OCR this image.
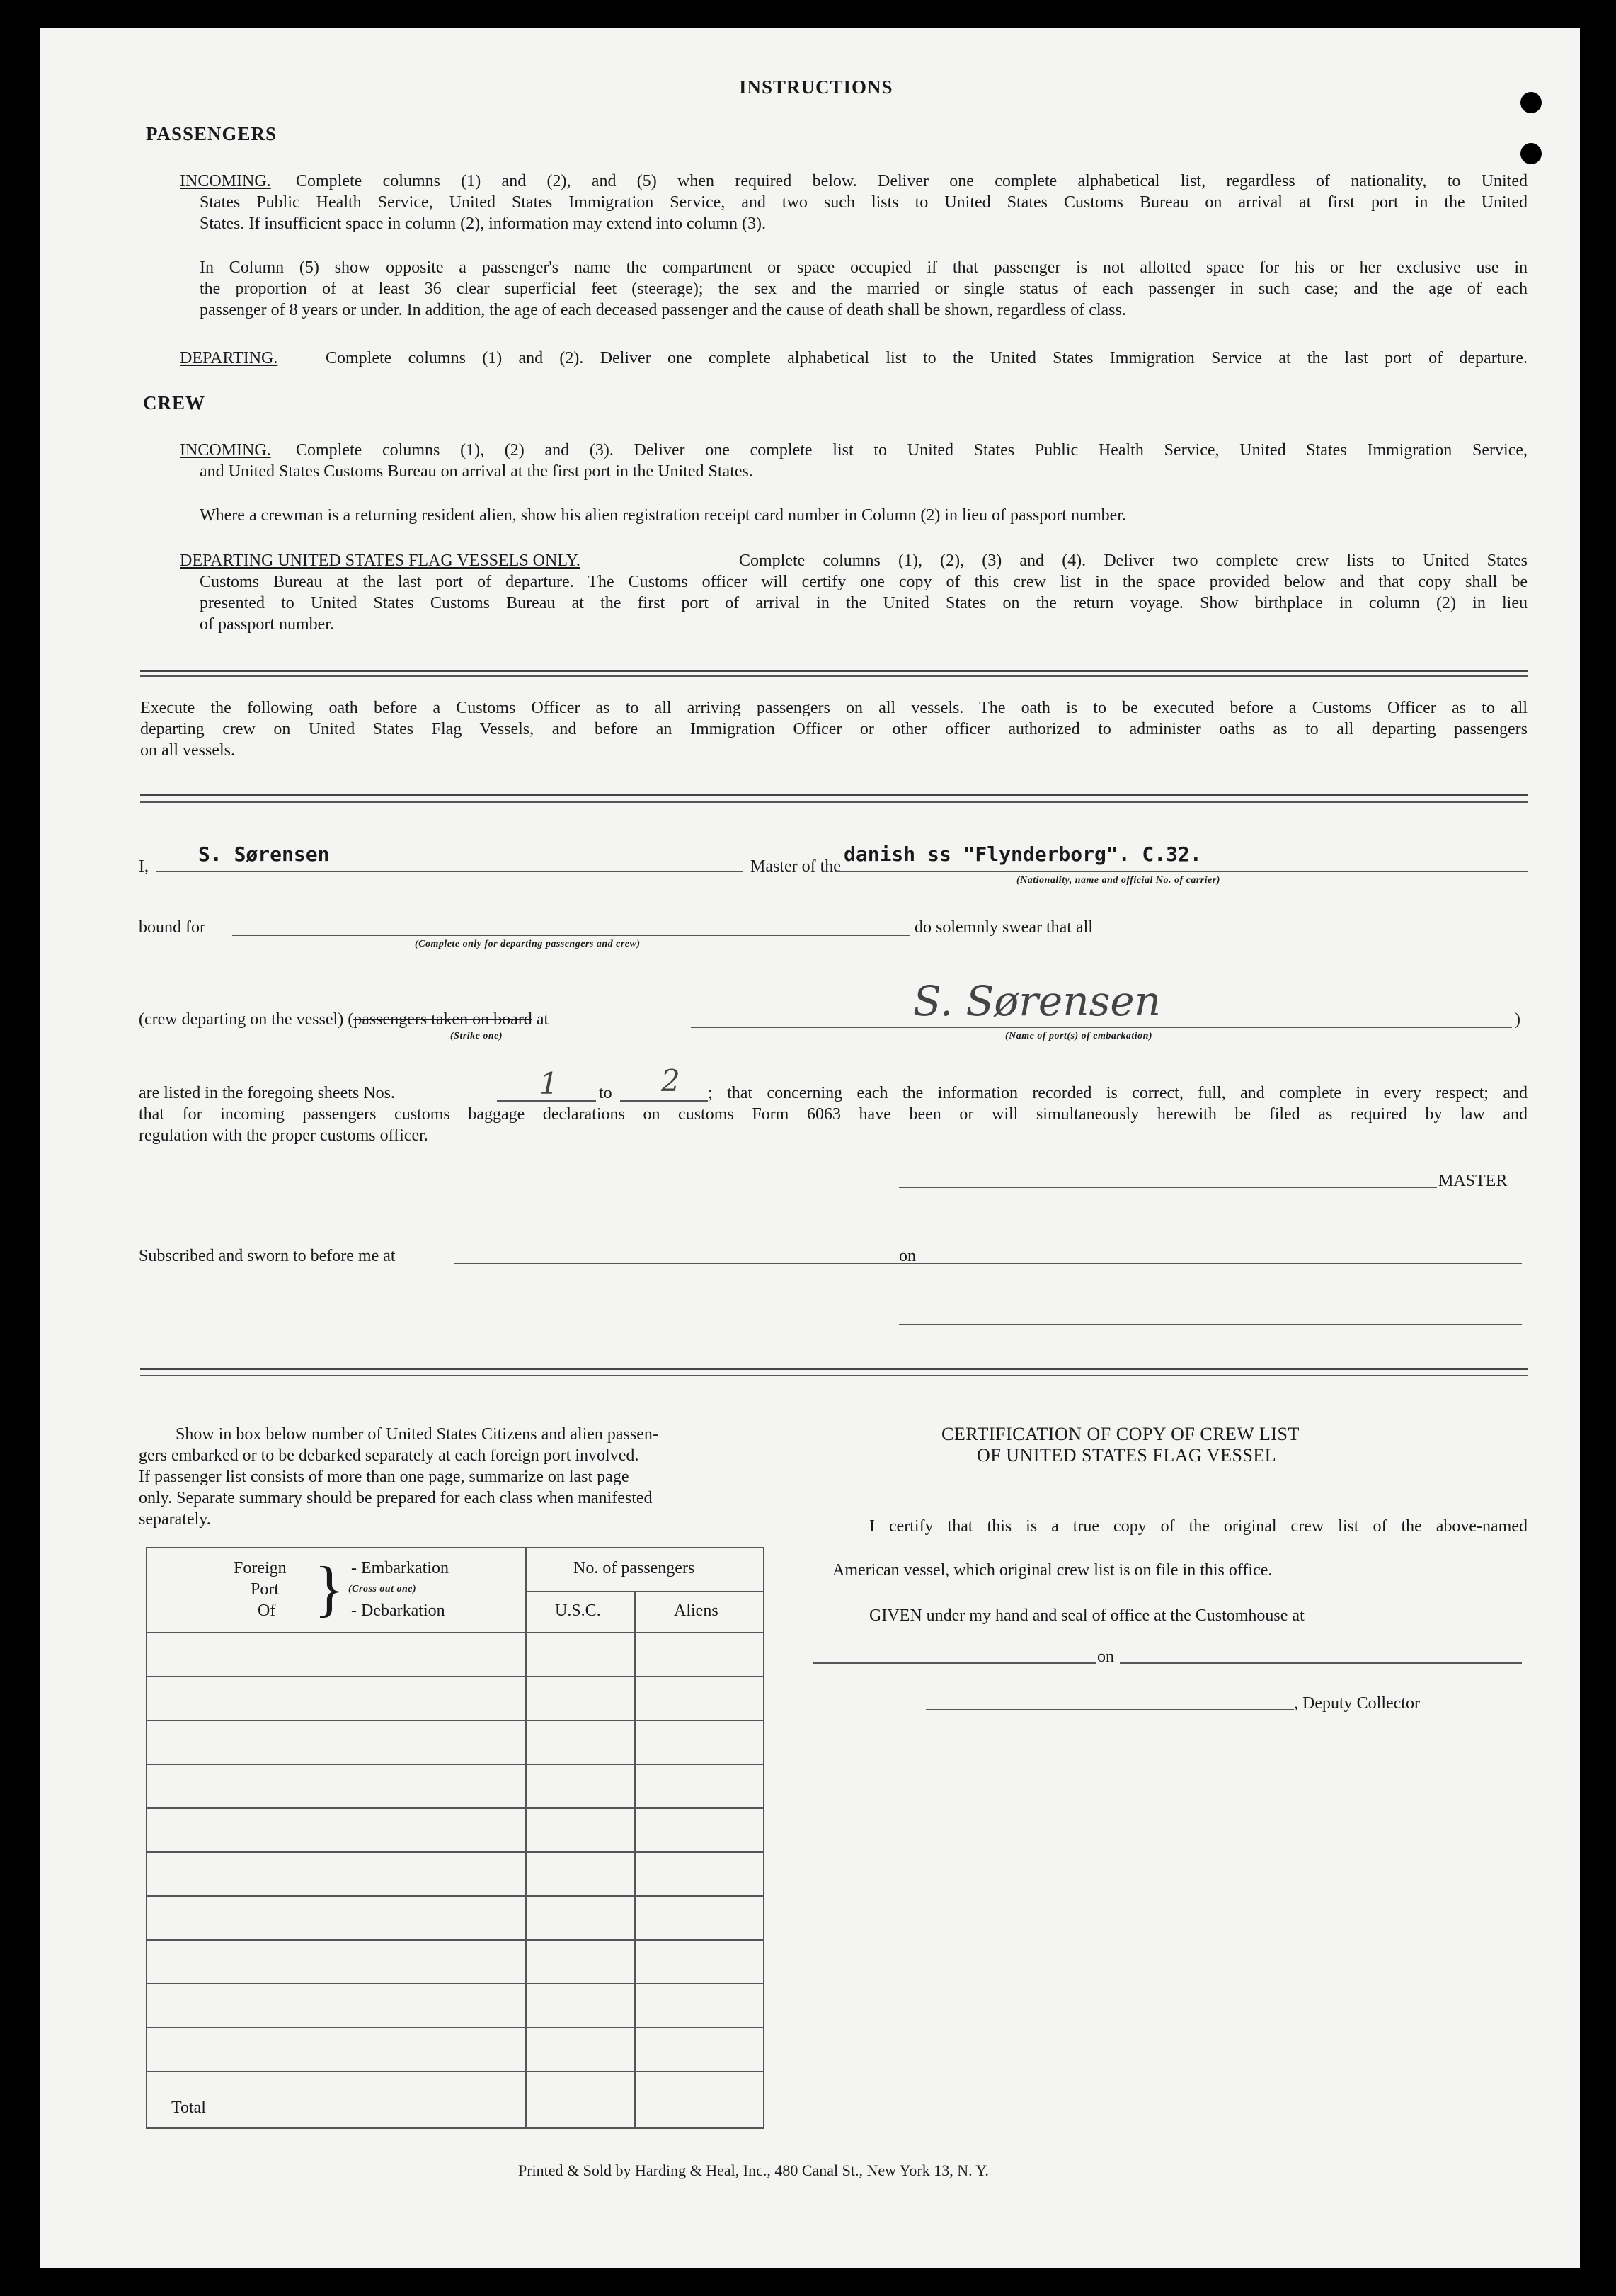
INSTRUCTIONS
PASSENGERS
INCOMING. Complete columns (1) and (2), and (5) when required below. Deliver one complete alphabetical list, regardless of nationality, to United
States Public Health Service, United States Immigration Service, and two such lists to United States Customs Bureau on arrival at first port in the United
States. If insufficient space in column (2), information may extend into column (3).
In Column (5) show opposite a passenger's name the compartment or space occupied if that passenger is not allotted space for his or her exclusive use in
the proportion of at least 36 clear superficial feet (steerage); the sex and the married or single status of each passenger in such case; and the age of each
passenger of 8 years or under. In addition, the age of each deceased passenger and the cause of death shall be shown, regardless of class.
DEPARTING.	Complete columns (1) and (2). Deliver one complete alphabetical list to the United States Immigration Service at the last port of departure.
CREW
INCOMING. Complete columns (1), (2) and (3). Deliver one complete list to United States Public Health Service, United States Immigration Service,
and United States Customs Bureau on arrival at the first port in the United States.
Where a crewman is a returning resident alien, show his alien registration receipt card number in Column (2) in lieu of passport number.
DEPARTING UNITED STATES FLAG VESSELS ONLY.	Complete columns (1), (2), (3) and (4). Deliver two complete crew lists to United States
Customs Bureau at the last port of departure. The Customs officer will certify one copy of this crew list in the space provided below and that copy shall be
presented to United States Customs Bureau at the first port of arrival in the United States on the return voyage. Show birthplace in column (2) in lieu
of passport number.
Execute the following oath before a Customs Officer as to all arriving passengers on all vessels. The oath is to be executed before a Customs Officer as to all
departing crew on United States Flag Vessels, and before an Immigration Officer or other officer authorized to administer oaths as to all departing passengers
on all vessels.
I,
S. Sørensen
Master of the
danish ss "Flynderborg". C.32.
(Nationality, name and official No. of carrier)
bound for
(Complete only for departing passengers and crew)
do solemnly swear that all
S. Sørensen
(crew departing on the vessel) (passengers taken on board at	)
(Strike one)	(Name of port(s) of embarkation)
are listed in the foregoing sheets Nos.	1 to 2 ; that concerning each the information recorded is correct, full, and complete in every respect; and
that for incoming passengers customs baggage declarations on customs Form 6063 have been or will simultaneously herewith be filed as required by law and
regulation with the proper customs officer.
MASTER
Subscribed and sworn to before me at	on
Show in box below number of United States Citizens and alien passen-
gers embarked or to be debarked separately at each foreign port involved.
If passenger list consists of more than one page, summarize on last page
only. Separate summary should be prepared for each class when manifested
separately.
Foreign
Port
Of } - Embarkation
(Cross out one)
- Debarkation
No. of passengers
U.S.C.	Aliens
Total
CERTIFICATION OF COPY OF CREW LIST
OF UNITED STATES FLAG VESSEL
I certify that this is a true copy of the original crew list of the above-named
American vessel, which original crew list is on file in this office.
GIVEN under my hand and seal of office at the Customhouse at
on
, Deputy Collector
Printed & Sold by Harding & Heal, Inc., 480 Canal St., New York 13, N. Y.
